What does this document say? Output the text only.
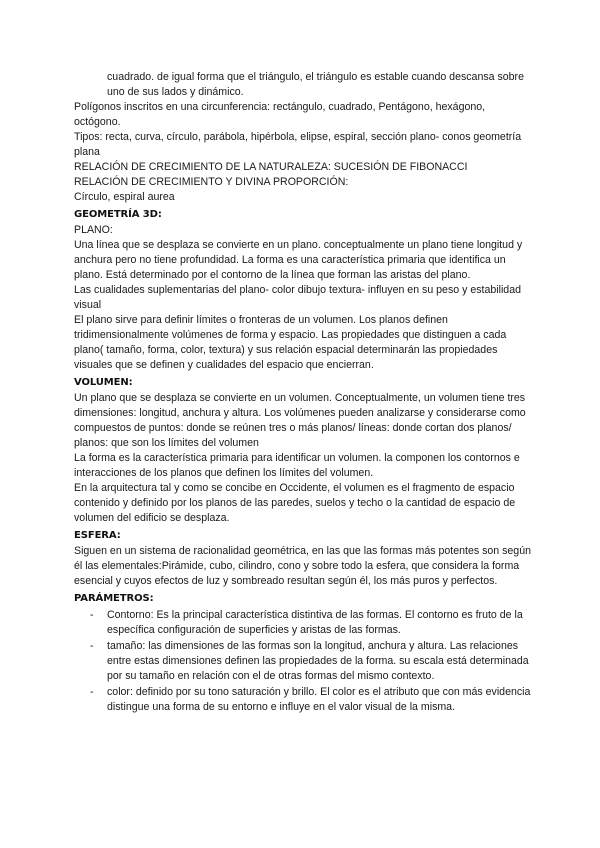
cuadrado. de igual forma que el triángulo, el triángulo es estable cuando descansa sobre uno de sus lados y dinámico.

Polígonos inscritos en una circunferencia: rectángulo, cuadrado, Pentágono, hexágono, octógono.

Tipos: recta, curva, círculo, parábola, hipérbola, elipse, espiral, sección plano- conos geometría plana

RELACIÓN DE CRECIMIENTO DE LA NATURALEZA: SUCESIÓN DE FIBONACCI

RELACIÓN DE CRECIMIENTO Y DIVINA PROPORCIÓN:

Círculo, espiral aurea

GEOMETRÍA 3D:

PLANO:

Una línea que se desplaza se convierte en un plano. conceptualmente un plano tiene longitud y anchura pero no tiene profundidad. La forma es una característica primaria que identifica un plano. Está determinado por el contorno de la línea que forman las aristas del plano.

Las cualidades suplementarias del plano- color dibujo textura- influyen en su peso y estabilidad visual

El plano sirve para definir límites o fronteras de un volumen. Los planos definen tridimensionalmente volúmenes de forma y espacio. Las propiedades que distinguen a cada plano( tamaño, forma, color, textura) y sus relación espacial determinarán las propiedades visuales que se definen y cualidades del espacio que encierran.

VOLUMEN:

Un plano que se desplaza se convierte en un volumen. Conceptualmente, un volumen tiene tres dimensiones: longitud, anchura y altura. Los volúmenes pueden analizarse y considerarse como compuestos de puntos: donde se reúnen tres o más planos/ líneas: donde cortan dos planos/ planos: que son los límites del volumen

La forma es la característica primaria para identificar un volumen. la componen los contornos e interacciones de los planos que definen los límites del volumen.

En la arquitectura tal y como se concibe en Occidente, el volumen es el fragmento de espacio contenido y definido por los planos de las paredes, suelos y techo o la cantidad de espacio de volumen del edificio se desplaza.

ESFERA:

Siguen en un sistema de racionalidad geométrica, en las que las formas más potentes son según él las elementales:Pirámide, cubo, cilindro, cono y sobre todo la esfera, que considera la forma esencial y cuyos efectos de luz y sombreado resultan según él, los más puros y perfectos.

PARÁMETROS:

- Contorno: Es la principal característica distintiva de las formas. El contorno es fruto de la específica configuración de superficies y aristas de las formas.
- tamaño: las dimensiones de las formas son la longitud, anchura y altura. Las relaciones entre estas dimensiones definen las propiedades de la forma. su escala está determinada por su tamaño en relación con el de otras formas del mismo contexto.
- color: definido por su tono saturación y brillo. El color es el atributo que con más evidencia distingue una forma de su entorno e influye en el valor visual de la misma.
